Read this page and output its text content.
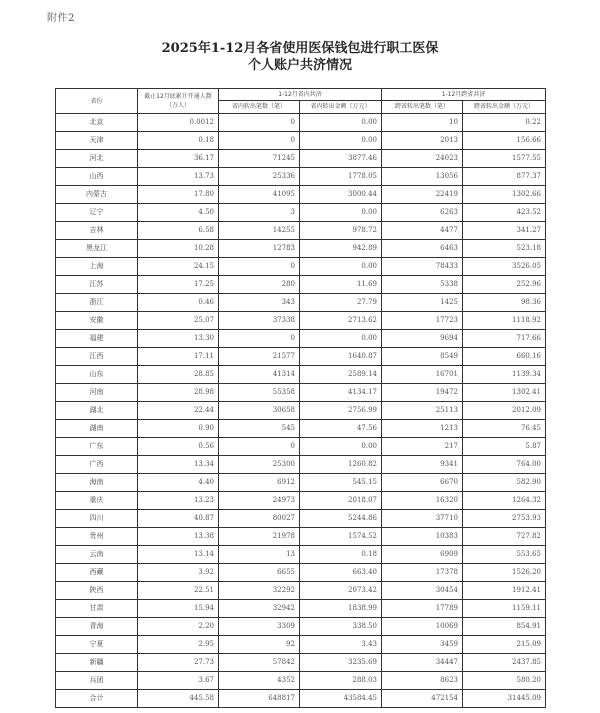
附件2
2025年1-12月各省使用医保钱包进行职工医保
个人账户共济情况
省份	截止12月底累计开通人数（万人）	1-12月省内共济		1-12月跨省共济	
		省内转出笔数（笔）	省内转出金额（万元）	跨省转出笔数（笔）	跨省转出金额（万元）
北京	0.0012	0	0.00	10	0.22
天津	0.18	0	0.00	2013	156.66
河北	36.17	71245	3877.46	24023	1577.55
山西	13.73	25336	1778.05	13056	877.37
内蒙古	17.80	41095	3000.44	22419	1302.66
辽宁	4.50	3	0.00	6263	423.52
吉林	6.58	14255	978.72	4477	341.27
黑龙江	10.28	12783	942.89	6463	523.18
上海	24.15	0	0.00	78433	3526.05
江苏	17.25	280	11.69	5338	252.96
浙江	0.46	343	27.79	1425	98.36
安徽	25.07	37338	2713.62	17723	1118.92
福建	13.30	0	0.00	9694	717.66
江西	17.11	21577	1640.87	8549	660.16
山东	28.85	41314	2589.14	16701	1139.34
河南	28.98	55358	4134.17	19472	1302.41
湖北	22.44	30658	2756.99	25113	2012.09
湖南	0.90	545	47.56	1213	76.45
广东	0.56	0	0.00	217	5.87
广西	13.34	25300	1260.82	9341	764.00
海南	4.40	6912	545.15	6670	582.90
重庆	13.23	24973	2018.07	16320	1264.32
四川	40.87	80027	5244.86	37710	2753.93
贵州	13.38	21978	1574.52	10383	727.82
云南	13.14	13	0.18	6909	553.65
西藏	3.92	6655	663.40	17378	1526.20
陕西	22.51	32292	2073.42	30454	1912.41
甘肃	15.94	32942	1838.99	17789	1159.11
青海	2.20	3309	338.50	10069	854.91
宁夏	2.95	92	3.43	3459	215.09
新疆	27.73	57842	3235.69	34447	2437.85
兵团	3.67	4352	288.03	8623	580.20
合计	445.58	648817	43584.45	472154	31445.09
